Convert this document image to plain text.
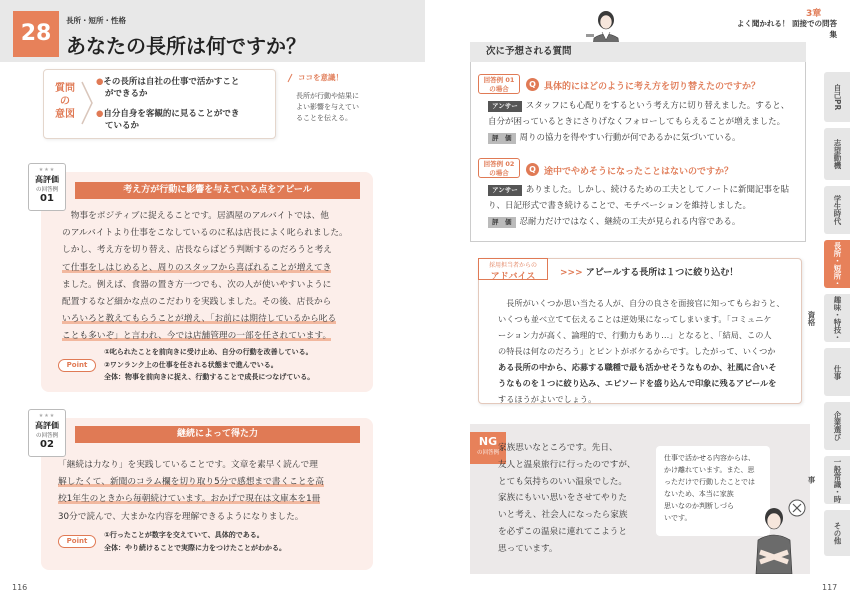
28
長所・短所・性格
あなたの長所は何ですか？
質問
の
意図
●その長所は自社の仕事で活かすこと
ができるか
●自分自身を客観的に見ることができ
ているか
ココを意識！
長所が行動や結果に
よい影響を与えてい
ることを伝える。
★★★
高評価
の回答例
01
考え方が行動に影響を与えている点をアピール
　物事をポジティブに捉えることです。居酒屋のアルバイトでは、他
のアルバイトより仕事をこなしているのに私は店長によく叱られました。
しかし、考え方を切り替え、店長ならばどう判断するのだろうと考え
て仕事をしはじめると、周りのスタッフから喜ばれることが増えてき
ました。例えば、食器の置き方一つでも、次の人が使いやすいように
配置するなど細かな点のこだわりを実践しました。その後、店長から
いろいろと教えてもらうことが増え、「お前には期待しているから叱る
ことも多いぞ」と言われ、今では店舗管理の一部を任されています。
Point
①叱られたことを前向きに受け止め、自分の行動を改善している。
②ワンランク上の仕事を任される状態まで進んでいる。
全体：物事を前向きに捉え、行動することで成長につなげている。
★★★
高評価
の回答例
02
継続によって得た力
「継続は力なり」を実践していることです。文章を素早く読んで理
解したくて、新聞のコラム欄を切り取り5分で感想まで書くことを高
校1年生のときから毎朝続けています。おかげで現在は文庫本を1冊
30分で読んで、大まかな内容を理解できるようになりました。
Point
①行ったことが数字を交えていて、具体的である。
全体：やり続けることで実際に力をつけたことがわかる。
116
3章
よく聞かれる！ 面接での問答集
次に予想される質問
回答例 01
の場合	Q 具体的にはどのように考え方を切り替えたのですか？
アンサー スタッフにも心配りをするという考え方に切り替えました。すると、
自分が困っているときにさりげなくフォローしてもらえることが増えました。
評　価 周りの協力を得やすい行動が何であるかに気づいている。
回答例 02
の場合	Q 途中でやめそうになったことはないのですか？
アンサー ありました。しかし、続けるための工夫としてノートに新聞記事を貼
り、日記形式で書き続けることで、モチベーションを維持しました。
評　価 忍耐力だけではなく、継続の工夫が見られる内容である。
採用担当者からの
アドバイス	>>> アピールする長所は１つに絞り込む！
　長所がいくつか思い当たる人が、自分の良さを面接官に知ってもらおうと、
いくつも並べ立てて伝えることは逆効果になってしまいます。「コミュニケ
ーション力が高く、論理的で、行動力もあり…」となると、「結局、この人
の特長は何なのだろう」とピントがボケるからです。したがって、いくつか
ある長所の中から、応募する職種で最も活かせそうなものか、社風に合いそ
うなものを１つに絞り込み、エピソードを盛り込んで印象に残るアピールを
するほうがよいでしょう。
NG
の回答例 家族思いなところです。先日、
友人と温泉旅行に行ったのですが、
とても気持ちのいい温泉でした。
家族にもいい思いをさせてやりた
いと考え、社会人になったら家族
を必ずこの温泉に連れてこようと
思っています。
仕事で活かせる内容からは、
かけ離れています。また、思
っただけで行動したことでは
ないため、本当に家族
思いなのか判断しづら
いです。
自己PR
志望動機
学生時代
長所・短所・性格
趣味・特技・資格
仕事
企業選び
一般常識・時事
その他
117
